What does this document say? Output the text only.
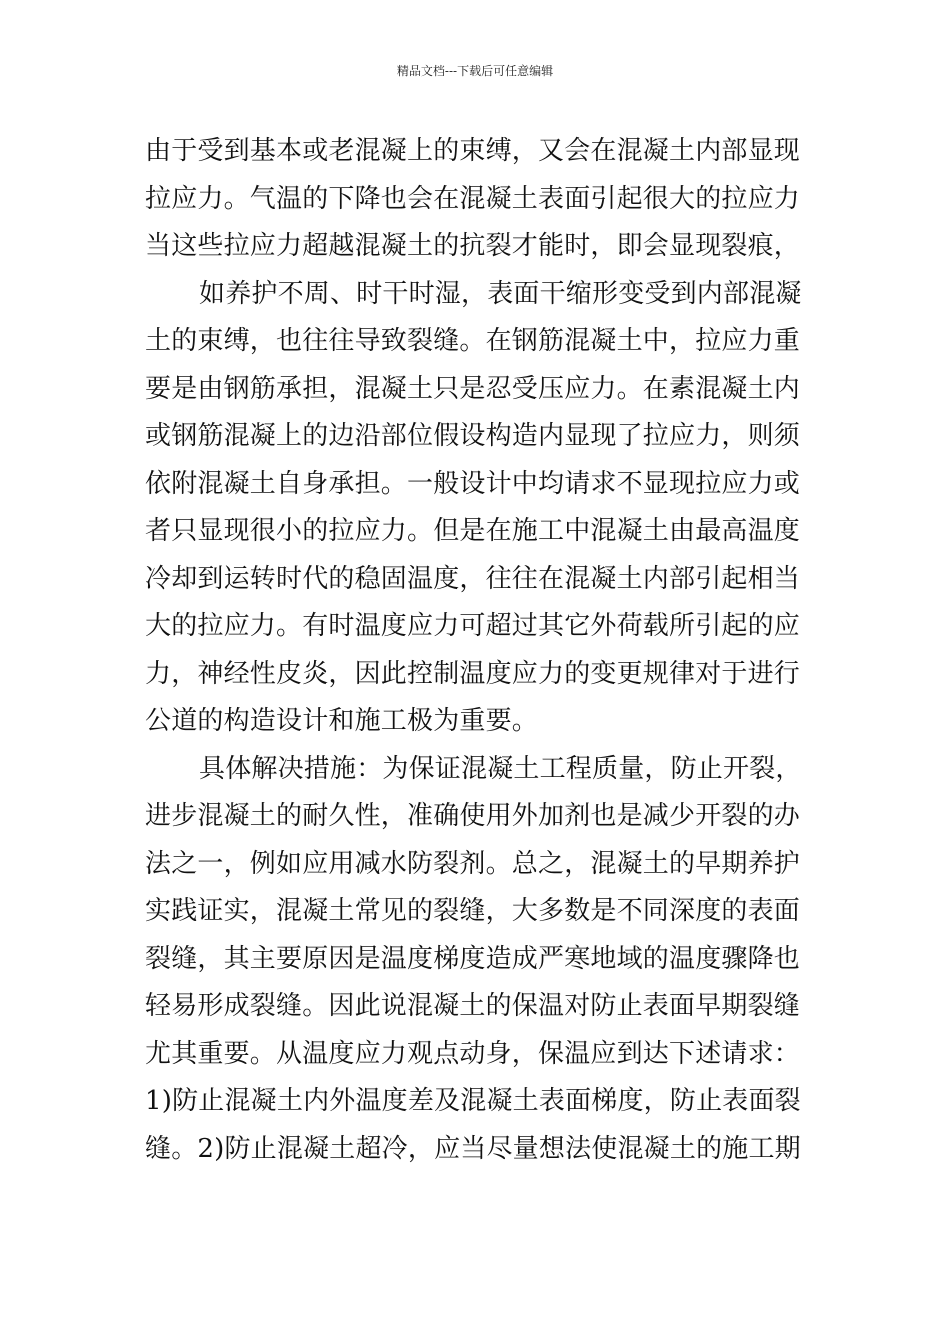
精品文档---下载后可任意编辑
由于受到基本或老混凝上的束缚，又会在混凝土内部显现
拉应力。气温的下降也会在混凝土表面引起很大的拉应力
当这些拉应力超越混凝土的抗裂才能时，即会显现裂痕，
如养护不周、时干时湿，表面干缩形变受到内部混凝
土的束缚，也往往导致裂缝。在钢筋混凝土中，拉应力重
要是由钢筋承担，混凝土只是忍受压应力。在素混凝土内
或钢筋混凝上的边沿部位假设构造内显现了拉应力，则须
依附混凝土自身承担。一般设计中均请求不显现拉应力或
者只显现很小的拉应力。但是在施工中混凝土由最高温度
冷却到运转时代的稳固温度，往往在混凝土内部引起相当
大的拉应力。有时温度应力可超过其它外荷载所引起的应
力，神经性皮炎，因此控制温度应力的变更规律对于进行
公道的构造设计和施工极为重要。
具体解决措施：为保证混凝土工程质量，防止开裂，
进步混凝土的耐久性，准确使用外加剂也是减少开裂的办
法之一，例如应用减水防裂剂。总之，混凝土的早期养护
实践证实，混凝土常见的裂缝，大多数是不同深度的表面
裂缝，其主要原因是温度梯度造成严寒地域的温度骤降也
轻易形成裂缝。因此说混凝土的保温对防止表面早期裂缝
尤其重要。从温度应力观点动身，保温应到达下述请求：
1)防止混凝土内外温度差及混凝土表面梯度，防止表面裂
缝。2)防止混凝土超冷，应当尽量想法使混凝土的施工期
